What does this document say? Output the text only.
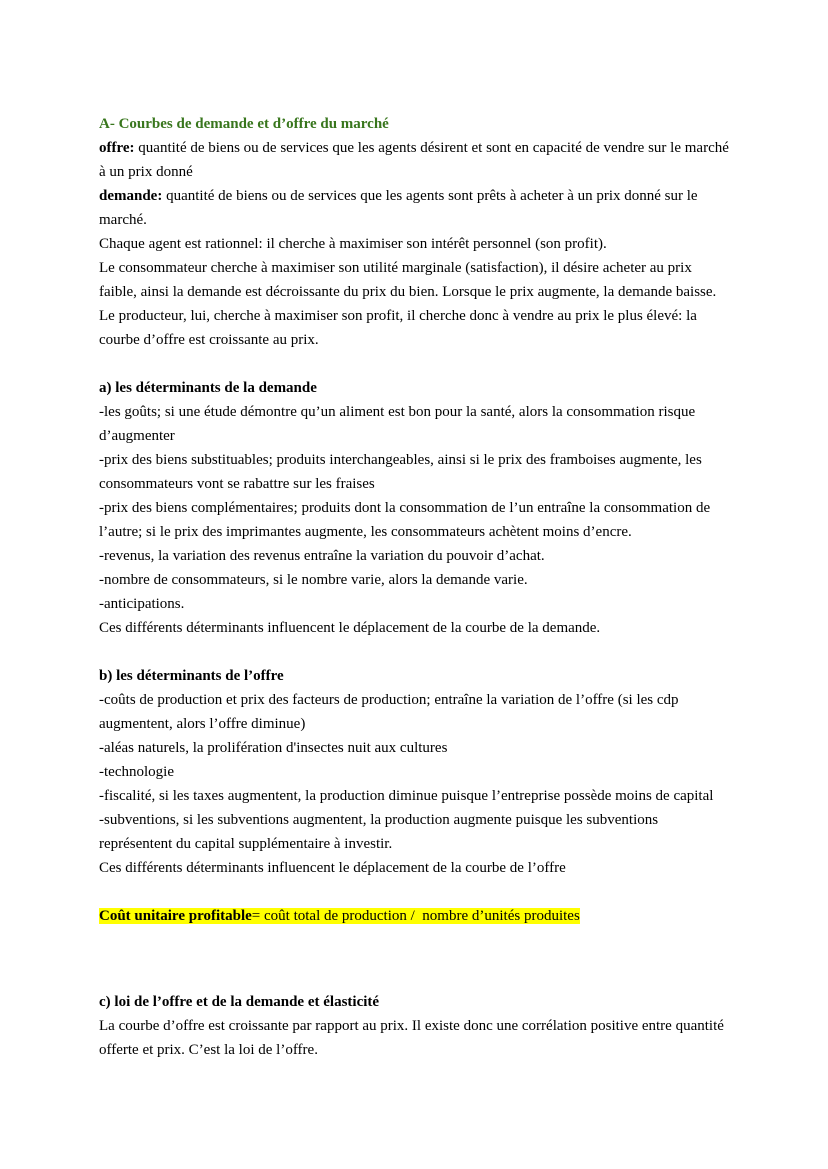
A- Courbes de demande et d’offre du marché

offre: quantité de biens ou de services que les agents désirent et sont en capacité de vendre sur le marché à un prix donné

demande: quantité de biens ou de services que les agents sont prêts à acheter à un prix donné sur le marché.

Chaque agent est rationnel: il cherche à maximiser son intérêt personnel (son profit).

Le consommateur cherche à maximiser son utilité marginale (satisfaction), il désire acheter au prix faible, ainsi la demande est décroissante du prix du bien. Lorsque le prix augmente, la demande baisse.

Le producteur, lui, cherche à maximiser son profit, il cherche donc à vendre au prix le plus élevé: la courbe d’offre est croissante au prix.

a) les déterminants de la demande

-les goûts; si une étude démontre qu’un aliment est bon pour la santé, alors la consommation risque d’augmenter

-prix des biens substituables; produits interchangeables, ainsi si le prix des framboises augmente, les consommateurs vont se rabattre sur les fraises

-prix des biens complémentaires; produits dont la consommation de l’un entraîne la consommation de l’autre; si le prix des imprimantes augmente, les consommateurs achètent moins d’encre.

-revenus, la variation des revenus entraîne la variation du pouvoir d’achat.

-nombre de consommateurs, si le nombre varie, alors la demande varie.

-anticipations.

Ces différents déterminants influencent le déplacement de la courbe de la demande.

b) les déterminants de l’offre

-coûts de production et prix des facteurs de production; entraîne la variation de l’offre (si les cdp augmentent, alors l’offre diminue)

-aléas naturels, la prolifération d'insectes nuit aux cultures

-technologie

-fiscalité, si les taxes augmentent, la production diminue puisque l’entreprise possède moins de capital

-subventions, si les subventions augmentent, la production augmente puisque les subventions représentent du capital supplémentaire à investir.

Ces différents déterminants influencent le déplacement de la courbe de l’offre

Coût unitaire profitable= coût total de production /  nombre d’unités produites

c) loi de l’offre et de la demande et élasticité

La courbe d’offre est croissante par rapport au prix. Il existe donc une corrélation positive entre quantité offerte et prix. C’est la loi de l’offre.
